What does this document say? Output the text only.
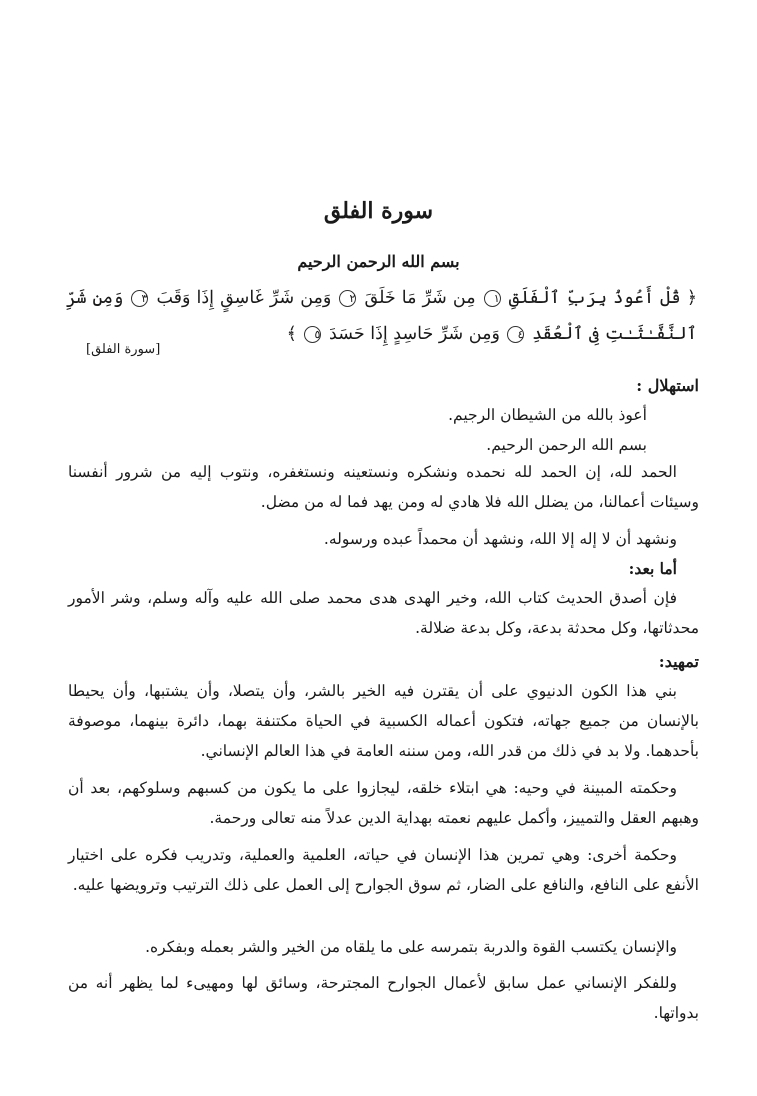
سورة الفلق
بسم الله الرحمن الرحيم
﴿ قُلْ أَعُوذُ بِرَبِّ ٱلْفَلَقِ ١ مِن شَرِّ مَا خَلَقَ ٢ وَمِن شَرِّ غَاسِقٍ إِذَا وَقَبَ ٣ وَمِن شَرِّ ٱلنَّفَّـٰثَـٰتِ فِى ٱلْعُقَدِ ٤ وَمِن شَرِّ حَاسِدٍ إِذَا حَسَدَ ٥ ﴾
[سورة الفلق]
استهلال :
أعوذ بالله من الشيطان الرجيم.
بسم الله الرحمن الرحيم.
الحمد لله، إن الحمد لله نحمده ونشكره ونستعينه ونستغفره، ونتوب إليه من شرور أنفسنا وسيئات أعمالنا، من يضلل الله فلا هادي له ومن يهد فما له من مضل.
ونشهد أن لا إله إلا الله، ونشهد أن محمداً عبده ورسوله.
أما بعد:
فإن أصدق الحديث كتاب الله، وخير الهدى هدى محمد صلى الله عليه وآله وسلم، وشر الأمور محدثاتها، وكل محدثة بدعة، وكل بدعة ضلالة.
تمهيد:
بني هذا الكون الدنيوي على أن يقترن فيه الخير بالشر، وأن يتصلا، وأن يشتبها، وأن يحيطا بالإنسان من جميع جهاته، فتكون أعماله الكسبية في الحياة مكتنفة بهما، دائرة بينهما، موصوفة بأحدهما. ولا بد في ذلك من قدر الله، ومن سننه العامة في هذا العالم الإنساني.
وحكمته المبينة في وحيه: هي ابتلاء خلقه، ليجازوا على ما يكون من كسبهم وسلوكهم، بعد أن وهبهم العقل والتمييز، وأكمل عليهم نعمته بهداية الدين عدلاً منه تعالى ورحمة.
وحكمة أخرى: وهي تمرين هذا الإنسان في حياته، العلمية والعملية، وتدريب فكره على اختيار الأنفع على النافع، والنافع على الضار، ثم سوق الجوارح إلى العمل على ذلك الترتيب وترويضها عليه.
والإنسان يكتسب القوة والدربة بتمرسه على ما يلقاه من الخير والشر بعمله وبفكره.
وللفكر الإنساني عمل سابق لأعمال الجوارح المجترحة، وسائق لها ومهيىء لما يظهر أنه من بدواتها.
